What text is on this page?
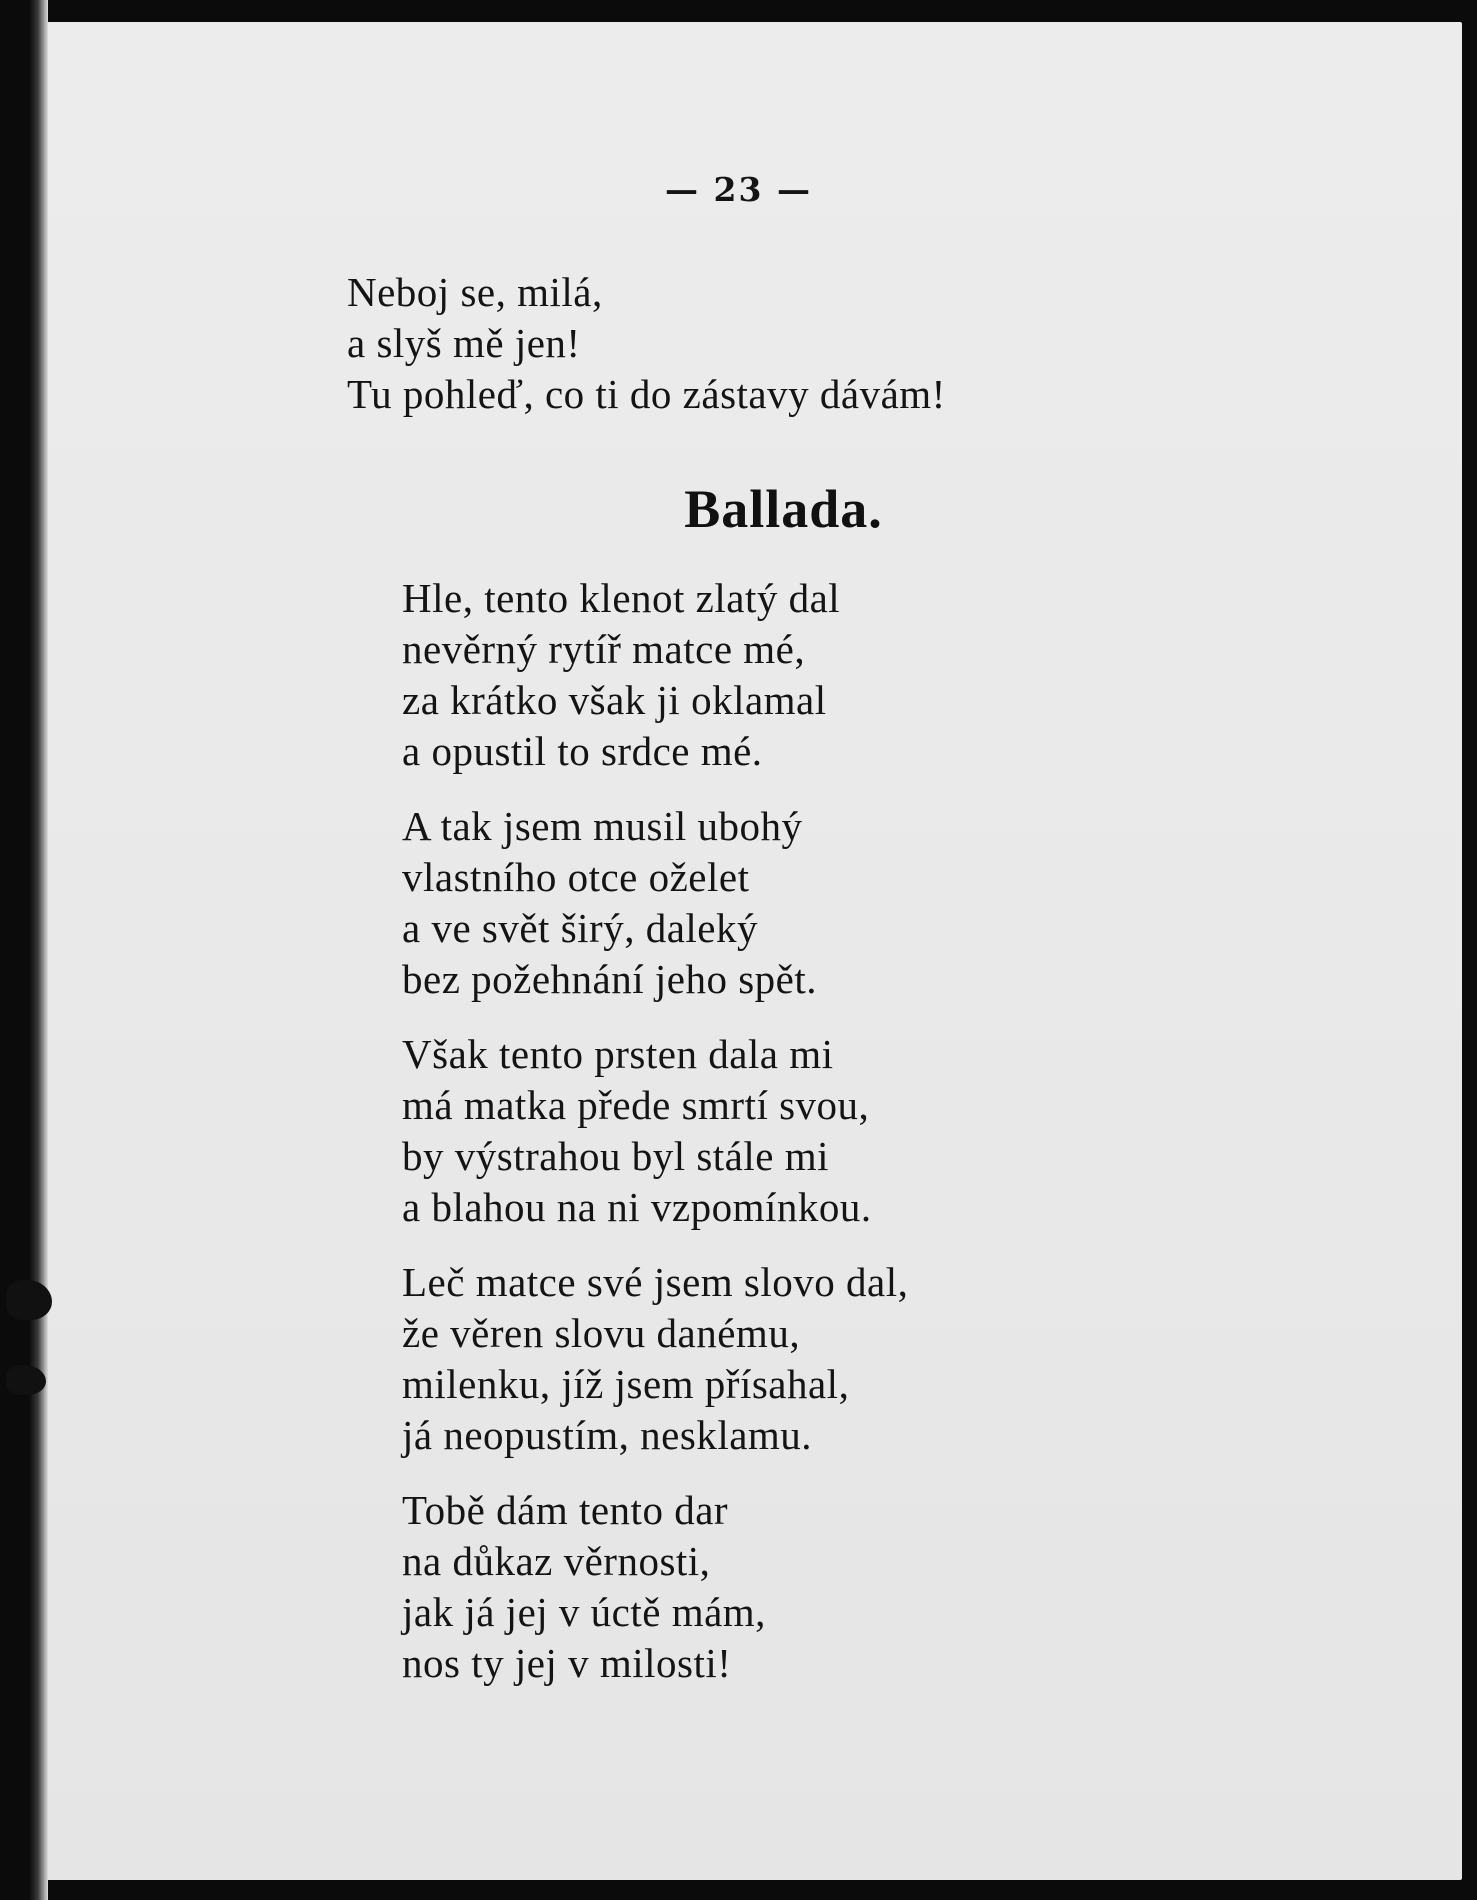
— 23 —
Neboj se, milá,
a slyš mě jen!
Tu pohleď, co ti do zástavy dávám!
Ballada.
Hle, tento klenot zlatý dal
nevěrný rytíř matce mé,
za krátko však ji oklamal
a opustil to srdce mé.
A tak jsem musil ubohý
vlastního otce oželet
a ve svět širý, daleký
bez požehnání jeho spět.
Však tento prsten dala mi
má matka přede smrtí svou,
by výstrahou byl stále mi
a blahou na ni vzpomínkou.
Leč matce své jsem slovo dal,
že věren slovu danému,
milenku, jíž jsem přísahal,
já neopustím, nesklamu.
Tobě dám tento dar
na důkaz věrnosti,
jak já jej v úctě mám,
nos ty jej v milosti!
